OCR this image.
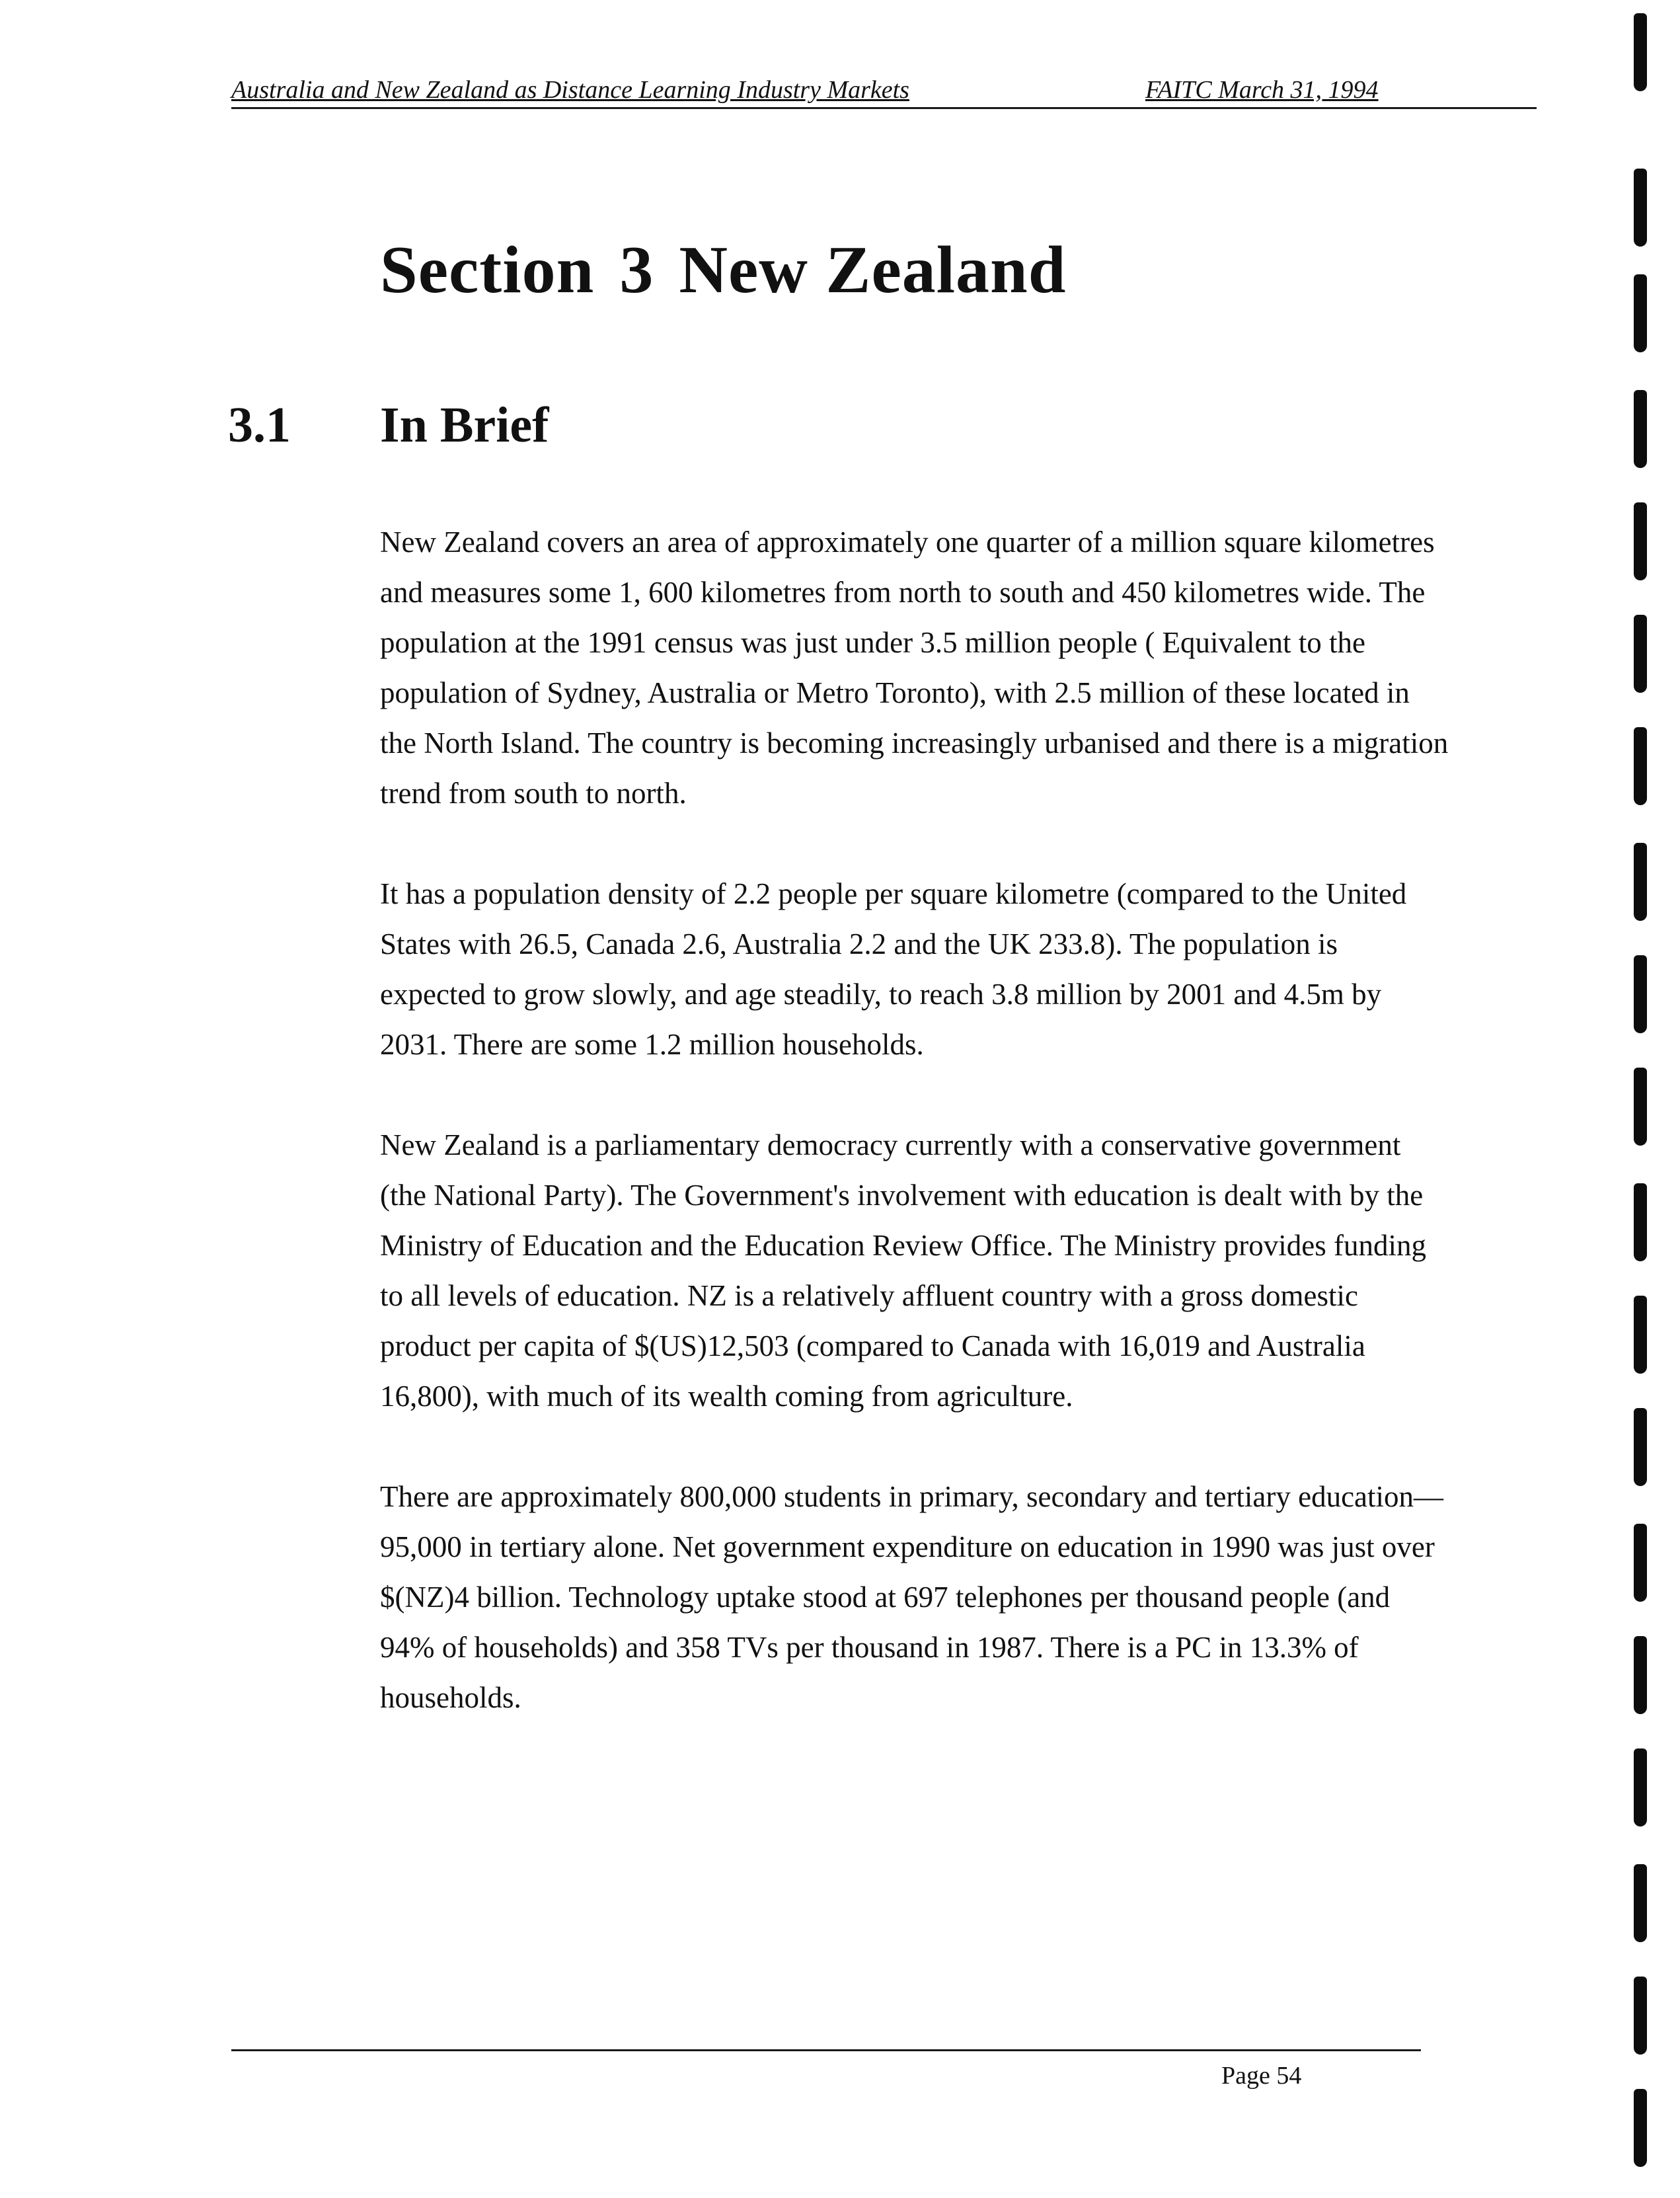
Australia and New Zealand as Distance Learning Industry Markets	FAITC March 31, 1994
Section 3 New Zealand
3.1 In Brief

New Zealand covers an area of approximately one quarter of a million square kilometres and measures some 1, 600 kilometres from north to south and 450 kilometres wide. The population at the 1991 census was just under 3.5 million people ( Equivalent to the population of Sydney, Australia or Metro Toronto), with 2.5 million of these located in the North Island. The country is becoming increasingly urbanised and there is a migration trend from south to north.

It has a population density of 2.2 people per square kilometre (compared to the United States with 26.5, Canada 2.6, Australia 2.2 and the UK 233.8). The population is expected to grow slowly, and age steadily, to reach 3.8 million by 2001 and 4.5m by 2031. There are some 1.2 million households.

New Zealand is a parliamentary democracy currently with a conservative government (the National Party). The Government's involvement with education is dealt with by the Ministry of Education and the Education Review Office. The Ministry provides funding to all levels of education. NZ is a relatively affluent country with a gross domestic product per capita of $(US)12,503 (compared to Canada with 16,019 and Australia 16,800), with much of its wealth coming from agriculture.

There are approximately 800,000 students in primary, secondary and tertiary education—95,000 in tertiary alone. Net government expenditure on education in 1990 was just over $(NZ)4 billion. Technology uptake stood at 697 telephones per thousand people (and 94% of households) and 358 TVs per thousand in 1987. There is a PC in 13.3% of households.

Page 54
